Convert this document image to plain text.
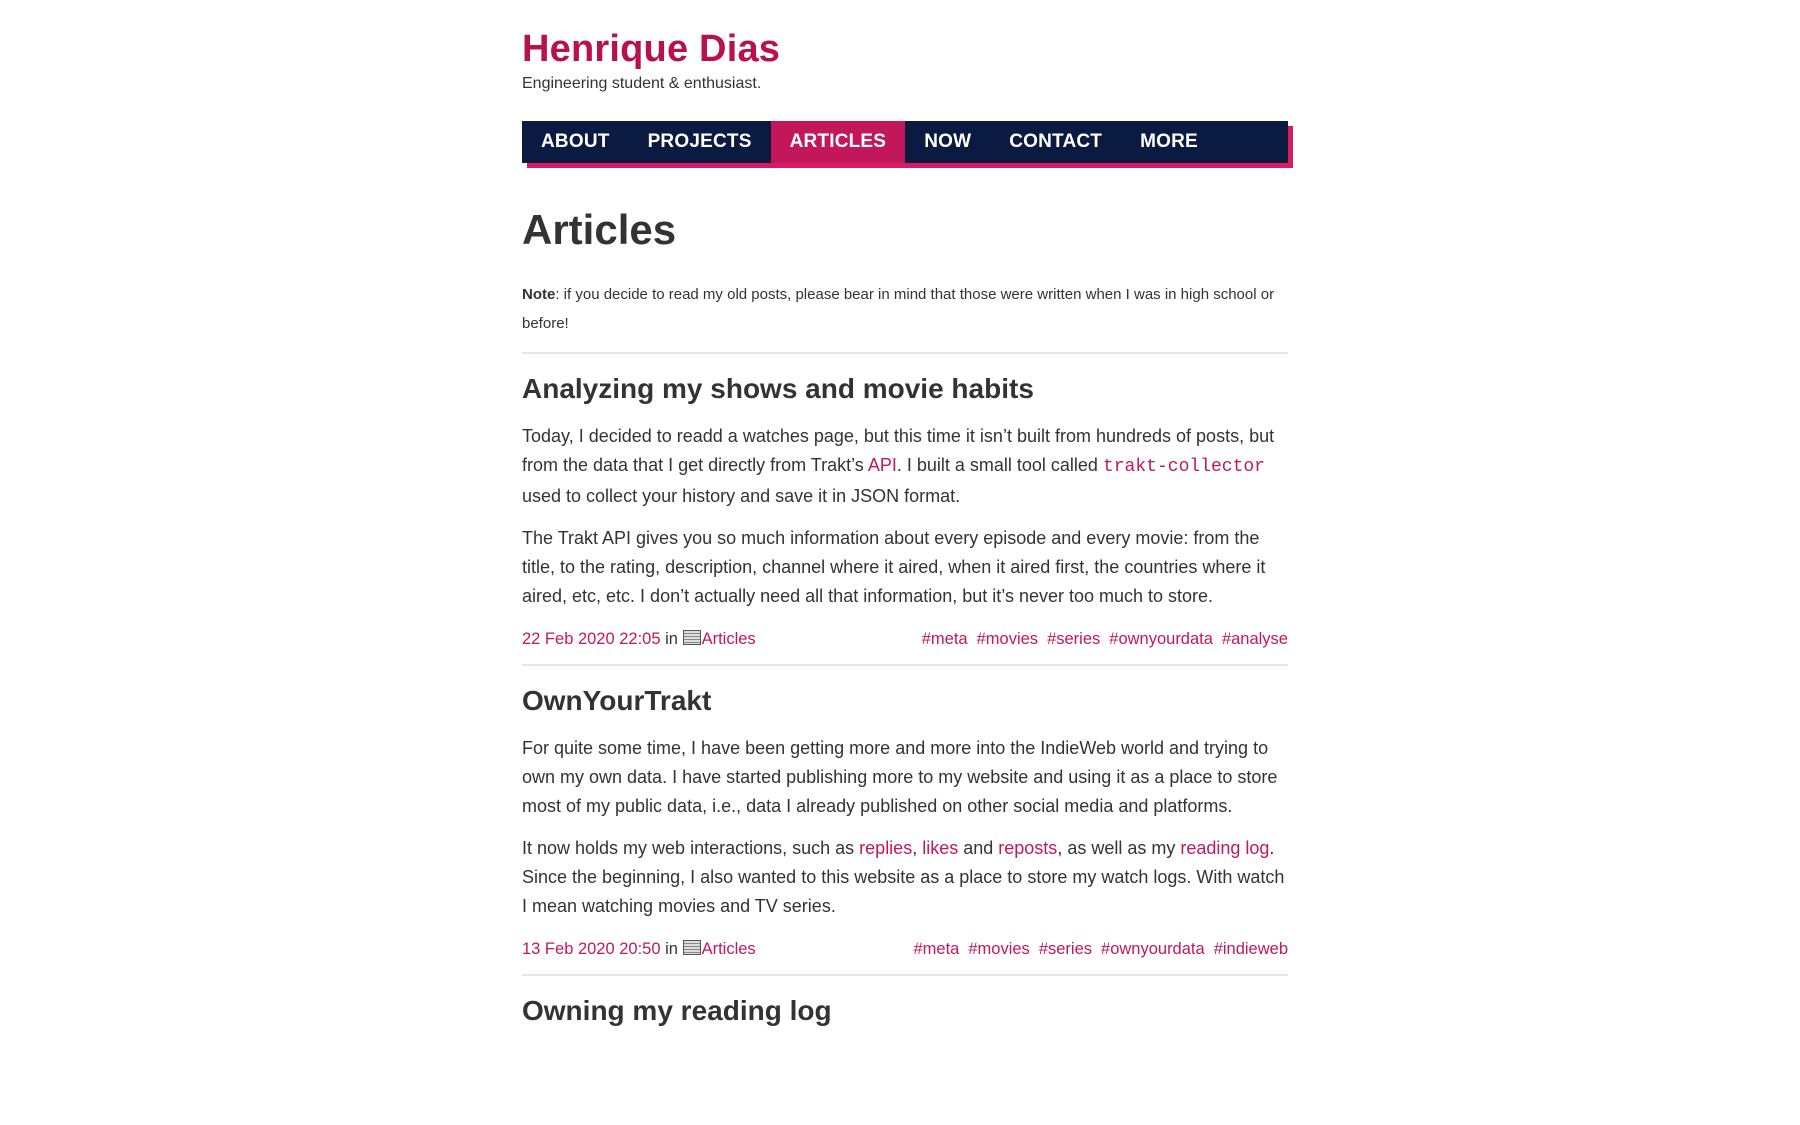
Henrique Dias

Engineering student & enthusiast.

ABOUT	PROJECTS	ARTICLES	NOW	CONTACT	MORE
Articles

Note: if you decide to read my old posts, please bear in mind that those were written when I was in high school or before!

Analyzing my shows and movie habits

Today, I decided to readd a watches page, but this time it isn’t built from hundreds of posts, but from the data that I get directly from Trakt’s API. I built a small tool called trakt-collector used to collect your history and save it in JSON format.

The Trakt API gives you so much information about every episode and every movie: from the title, to the rating, description, channel where it aired, when it aired first, the countries where it aired, etc, etc. I don’t actually need all that information, but it’s never too much to store.

22 Feb 2020 22:05 in Articles	#meta #movies #series #ownyourdata #analyse
OwnYourTrakt

For quite some time, I have been getting more and more into the IndieWeb world and trying to own my own data. I have started publishing more to my website and using it as a place to store most of my public data, i.e., data I already published on other social media and platforms.

It now holds my web interactions, such as replies, likes and reposts, as well as my reading log. Since the beginning, I also wanted to this website as a place to store my watch logs. With watch I mean watching movies and TV series.

13 Feb 2020 20:50 in Articles	#meta #movies #series #ownyourdata #indieweb
Owning my reading log
